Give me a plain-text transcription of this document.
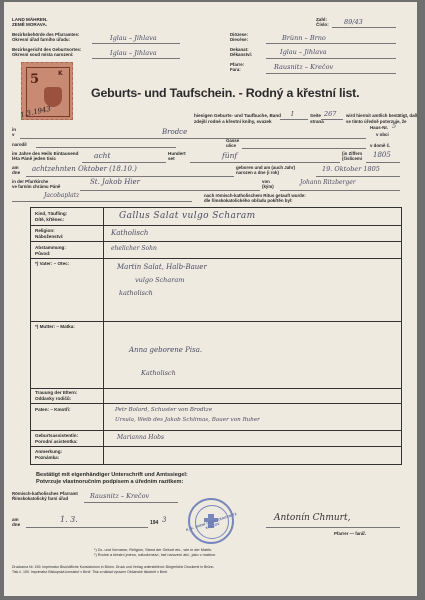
LAND MÄHREN.
ZEMĚ MORAVA.
Bezirksbehörde des Pfarramtes:
Okresní úřad farního úřadu:	Iglau – Jihlava
Bezirksgericht des Geburtsortes:
Okresní soud místa narození:	Iglau – Jihlava
Zahl:
Číslo: 89/43
Diözese:
Diecése:	Brünn – Brno
Dekanat:
Děkanství:	Iglau – Jihlava
Pfarre:
Fara:	Rausnitz – Krečov
5	K
1.3.1943
Geburts- und Taufschein. - Rodný a křestní list.
hiesigen Geburts- und Taufbuche, Band I	Seite 267 wird hiermit amtlich bestätigt, daß
zdejší rodné a křestní knihy, svazek	strana	se tímto úředně potvrzuje, že
in
v	Brodce
Haus-Nr. 5
v obci
narodil
Gasse
ulice	v domě č.
im Jahre des Heils Eintausend
léta Páně jeden tisíc	acht	Hundert
set	fünf	(in Ziffern
(číslicemi 1805
am
dne achtzehnten Oktober (18.10.)	geboren und am (auch Jahr)
narozen a dne (i rok)	19. Oktober 1805
in der Pfarrkirche
ve farním chrámu Páně
St. Jakob Hier	von
(kým)
Johann Ritzberger
Jacobaplatz	nach römisch-katholischem Ritus getauft wurde:
dle římskokatolického obřadu pokřtěn byl:
Kind, Täufling:
Dítě, křtěnec:	Gallus Salat vulgo Scharam
Religion:
Náboženství:	Katholisch
Abstammung:
Původ:
ehelicher Sohn
*) Vater: – Otec:	Martin Salat, Halb-Bauer
vulgo Scharam
katholisch
*) Mutter: – Matka:
Anna geborene Pisa.
Katholisch
Trauung der Eltern:
Oddavky rodičů:
Paten: – Kmotři:	Petr Bolard, Schuster von Brodtze
Ursula, Weib des Jakob Schlimas, Bauer von Ruher
Geburtsassistentin:
Porodní asistentka:
Marianna Hobs
Anmerkung:
Poznámka:
Bestätigt mit eigenhändiger Unterschrift und Amtssiegel:
Potvrzuje vlastnoručním podpisem a úředním razítkem:
Römisch-katholisches Pfarramt
Římskokatolický farní úřad	Rausnitz – Krečov
am
dne
1. 3.	194 3	R. K. FARNÍ ÚŘAD KRAUSNITZ KREČOV
Antonín Chmurt,
Pfarrer — farář.
*) Zu- und Vorname, Religion, Stand der Geburt etc., wie in der Matrik.
*) Rodné a křestní jméno, náboženství, hať narození atd., jako v matrice.
Druckarna Nr. 159. Imprimatur Bischöfliche Konsistorium in Brünn. Druck und Verlag unterstellend: Bürgerliche Druckerei in Brünn.
Tisk č. 159. Imprimatur Biskupská konsistoř v Brně. Tisk a náklad vyrazen Občanské tiskárně v Brně.
